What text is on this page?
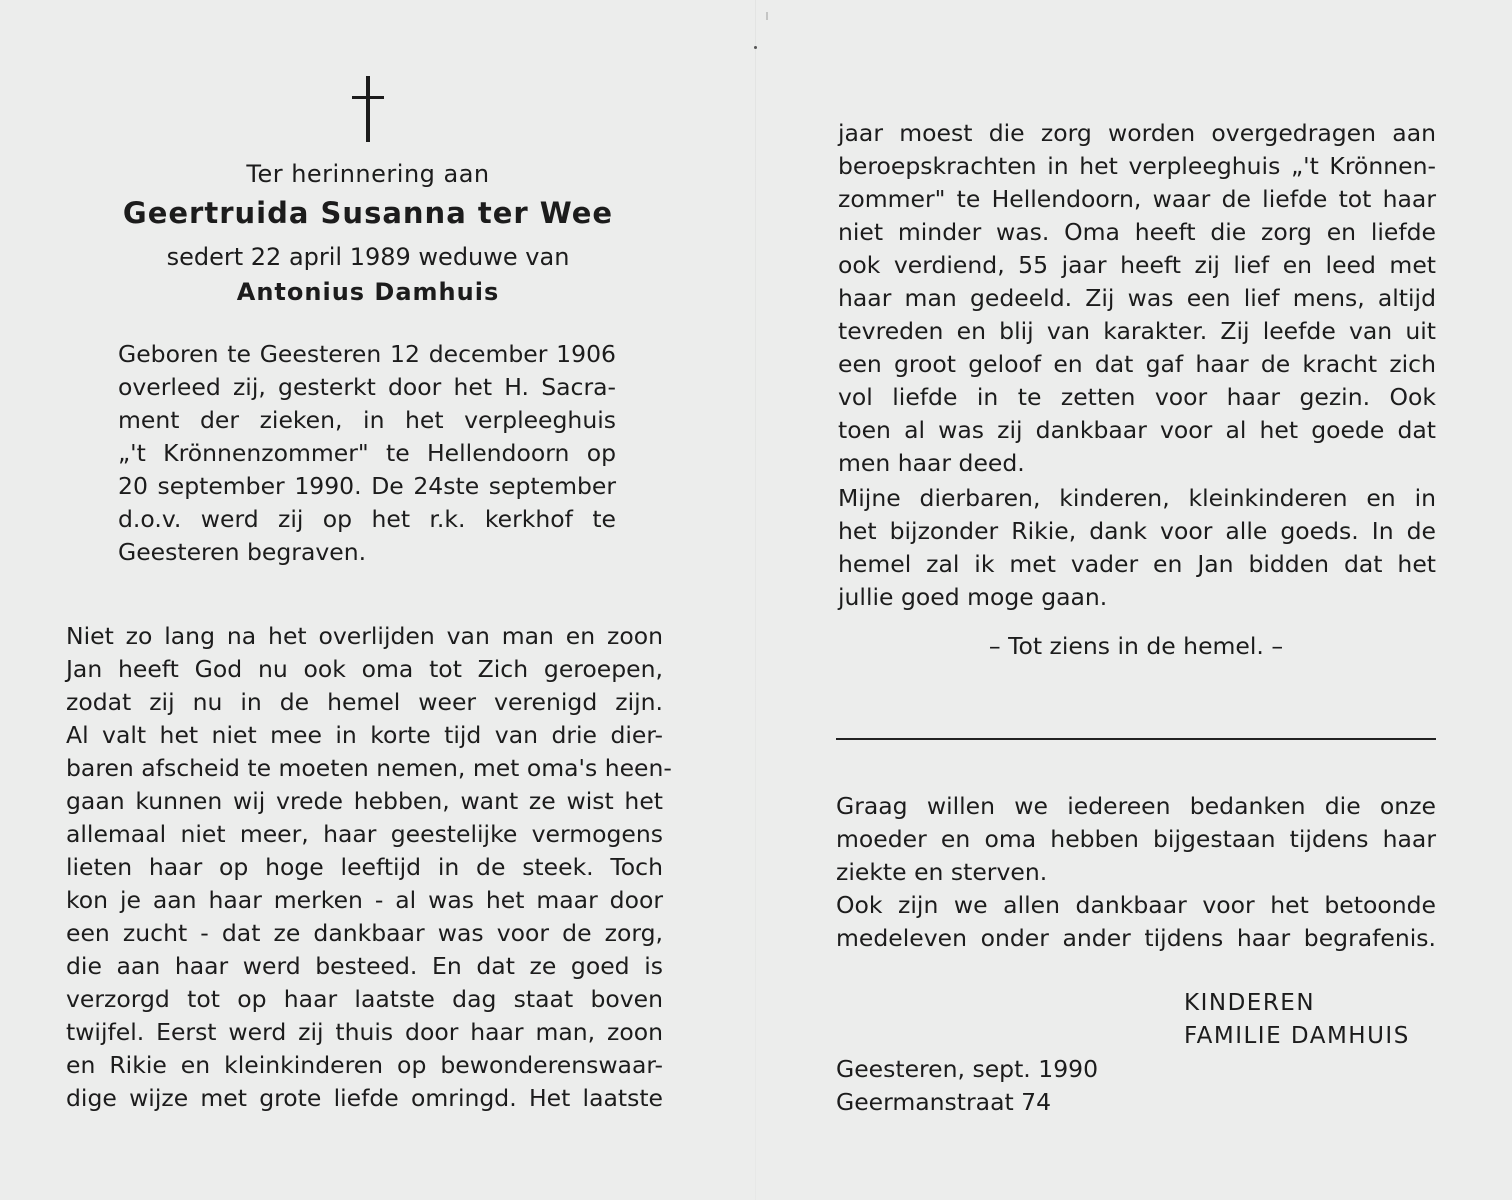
Ter herinnering aan
Geertruida Susanna ter Wee
sedert 22 april 1989 weduwe van
Antonius Damhuis
Geboren te Geesteren 12 december 1906
overleed zij, gesterkt door het H. Sacra-
ment der zieken, in het verpleeghuis
„'t Krönnenzommer" te Hellendoorn op
20 september 1990. De 24ste september
d.o.v. werd zij op het r.k. kerkhof te
Geesteren begraven.
Niet zo lang na het overlijden van man en zoon
Jan heeft God nu ook oma tot Zich geroepen,
zodat zij nu in de hemel weer verenigd zijn.
Al valt het niet mee in korte tijd van drie dier-
baren afscheid te moeten nemen, met oma's heen-
gaan kunnen wij vrede hebben, want ze wist het
allemaal niet meer, haar geestelijke vermogens
lieten haar op hoge leeftijd in de steek. Toch
kon je aan haar merken - al was het maar door
een zucht - dat ze dankbaar was voor de zorg,
die aan haar werd besteed. En dat ze goed is
verzorgd tot op haar laatste dag staat boven
twijfel. Eerst werd zij thuis door haar man, zoon
en Rikie en kleinkinderen op bewonderenswaar-
dige wijze met grote liefde omringd. Het laatste
jaar moest die zorg worden overgedragen aan
beroepskrachten in het verpleeghuis „'t Krönnen-
zommer" te Hellendoorn, waar de liefde tot haar
niet minder was. Oma heeft die zorg en liefde
ook verdiend, 55 jaar heeft zij lief en leed met
haar man gedeeld. Zij was een lief mens, altijd
tevreden en blij van karakter. Zij leefde van uit
een groot geloof en dat gaf haar de kracht zich
vol liefde in te zetten voor haar gezin. Ook
toen al was zij dankbaar voor al het goede dat
men haar deed.
Mijne dierbaren, kinderen, kleinkinderen en in
het bijzonder Rikie, dank voor alle goeds. In de
hemel zal ik met vader en Jan bidden dat het
jullie goed moge gaan.
– Tot ziens in de hemel. –
Graag willen we iedereen bedanken die onze
moeder en oma hebben bijgestaan tijdens haar
ziekte en sterven.
Ook zijn we allen dankbaar voor het betoonde
medeleven onder ander tijdens haar begrafenis.
KINDEREN
FAMILIE DAMHUIS
Geesteren, sept. 1990
Geermanstraat 74
